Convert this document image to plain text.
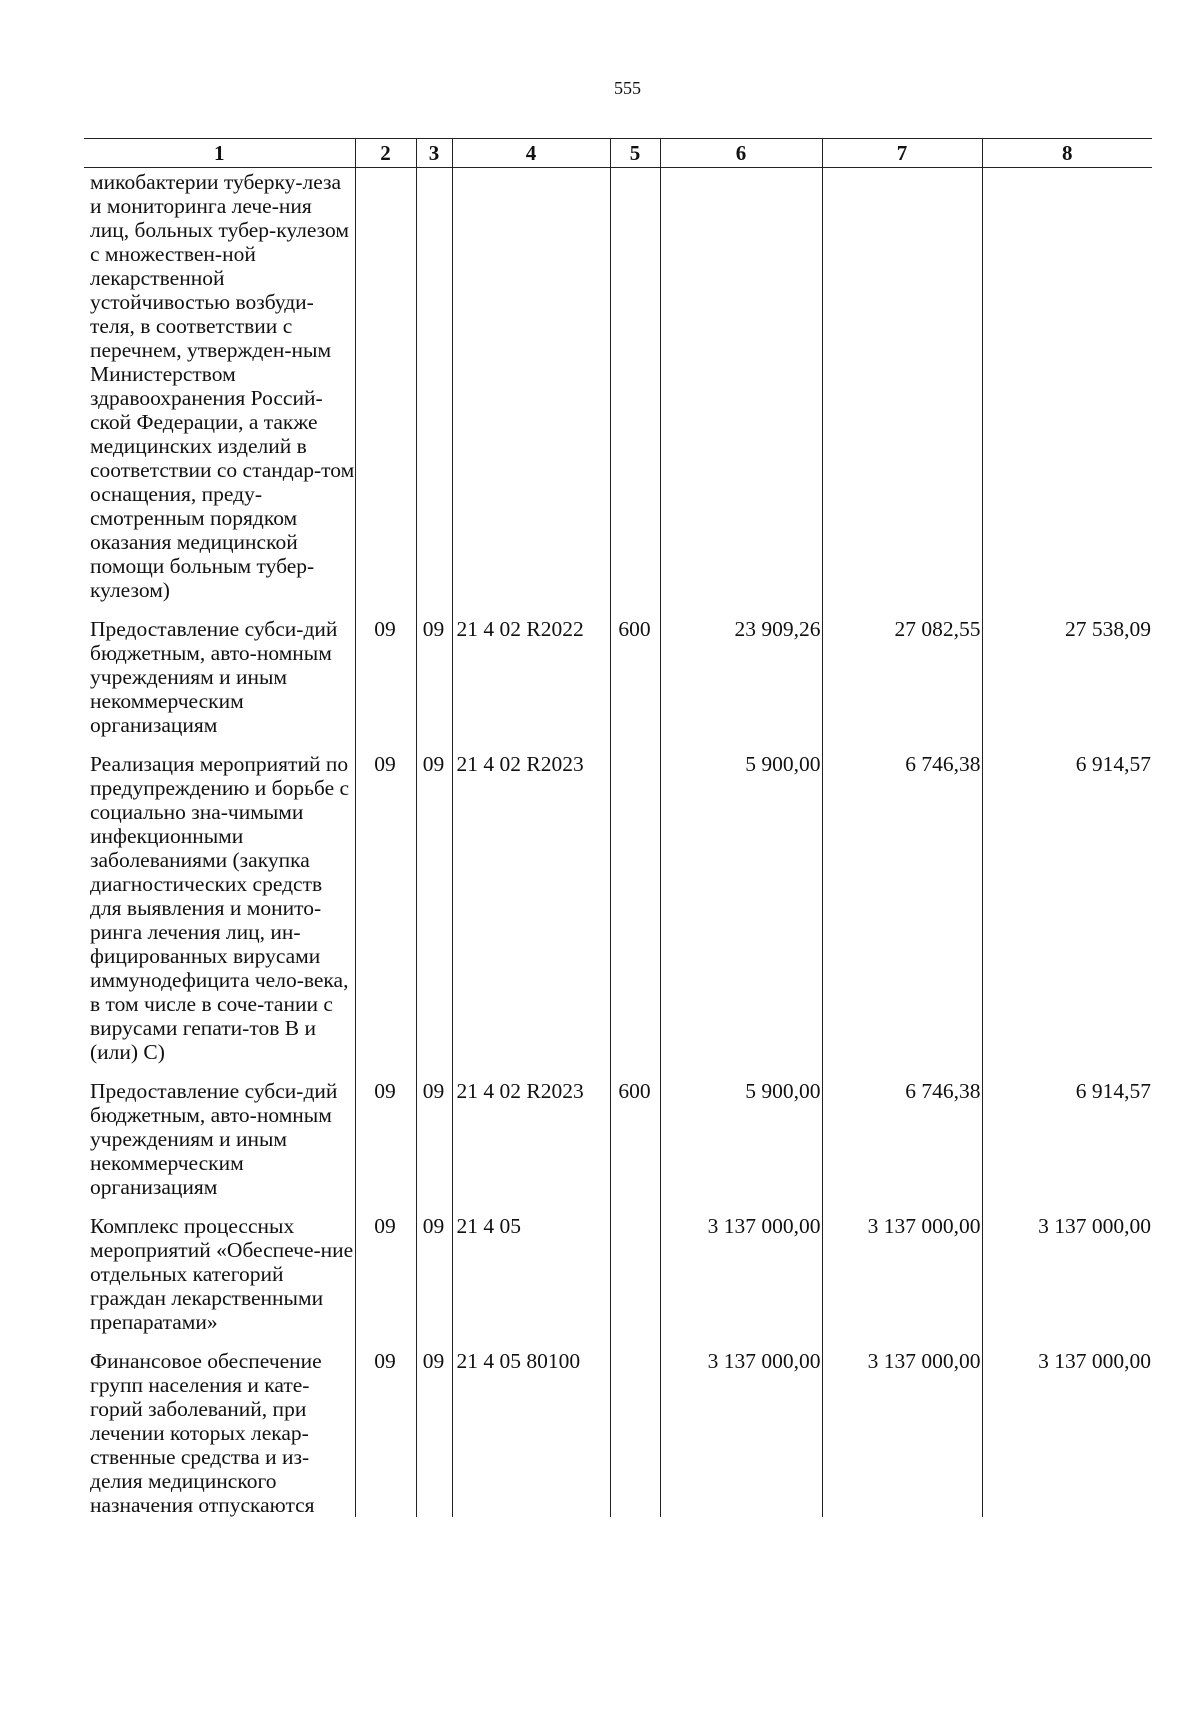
555
1	2	3	4	5	6	7	8
микобактерии туберку-леза и мониторинга лече-ния лиц, больных тубер-кулезом с множествен-ной лекарственной устойчивостью возбуди-теля, в соответствии с перечнем, утвержден-ным Министерством здравоохранения Россий-ской Федерации, а также медицинских изделий в соответствии со стандар-том оснащения, преду-смотренным порядком оказания медицинской помощи больным тубер-кулезом)							
Предоставление субси-дий бюджетным, авто-номным учреждениям и иным некоммерческим организациям	09	09	21 4 02 R2022	600	23 909,26	27 082,55	27 538,09
Реализация мероприятий по предупреждению и борьбе с социально зна-чимыми инфекционными заболеваниями (закупка диагностических средств для выявления и монито-ринга лечения лиц, ин-фицированных вирусами иммунодефицита чело-века, в том числе в соче-тании с вирусами гепати-тов В и (или) С)	09	09	21 4 02 R2023		5 900,00	6 746,38	6 914,57
Предоставление субси-дий бюджетным, авто-номным учреждениям и иным некоммерческим организациям	09	09	21 4 02 R2023	600	5 900,00	6 746,38	6 914,57
Комплекс процессных мероприятий «Обеспече-ние отдельных категорий граждан лекарственными препаратами»	09	09	21 4 05		3 137 000,00	3 137 000,00	3 137 000,00
Финансовое обеспечение групп населения и кате-горий заболеваний, при лечении которых лекар-ственные средства и из-делия медицинского назначения отпускаются	09	09	21 4 05 80100		3 137 000,00	3 137 000,00	3 137 000,00
